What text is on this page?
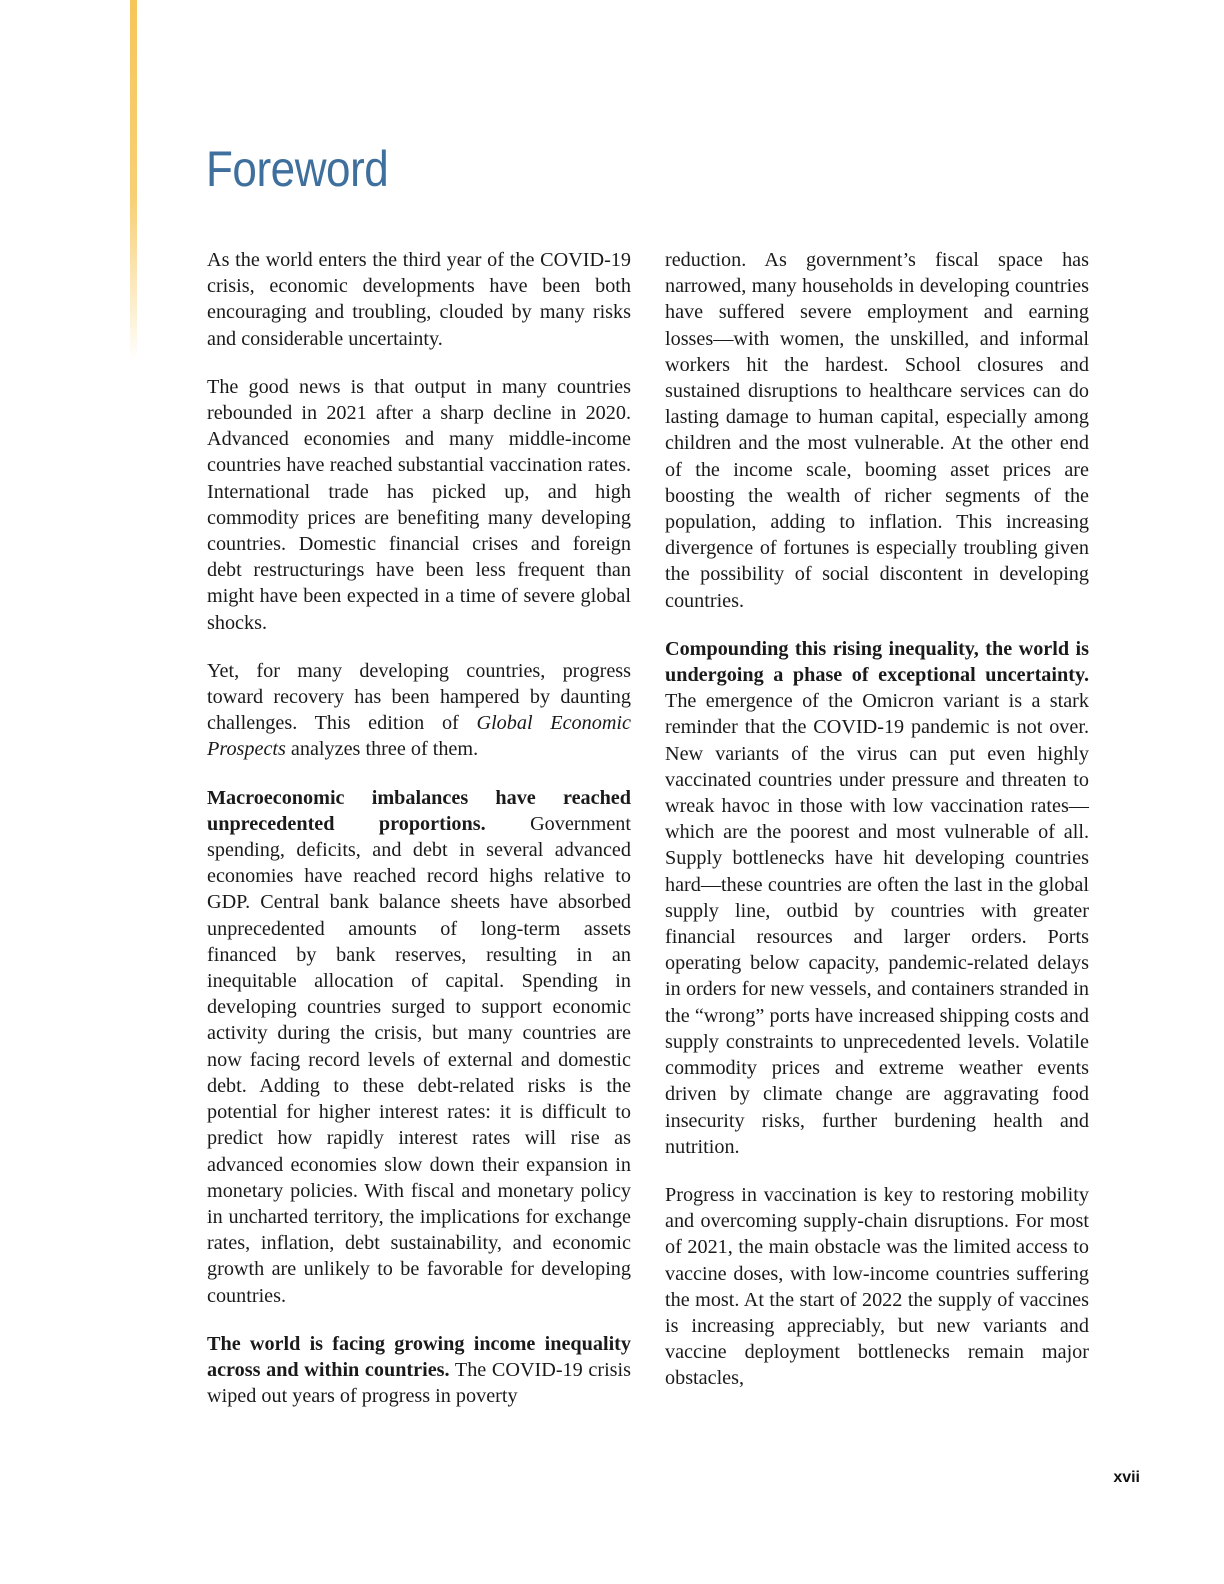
Foreword

As the world enters the third year of the COVID-19 crisis, economic developments have been both encouraging and troubling, clouded by many risks and considerable uncertainty.

The good news is that output in many countries rebounded in 2021 after a sharp decline in 2020. Advanced economies and many middle-income countries have reached substantial vaccination rates. International trade has picked up, and high commodity prices are benefiting many developing countries. Domestic financial crises and foreign debt restructurings have been less frequent than might have been expected in a time of severe global shocks.

Yet, for many developing countries, progress toward recovery has been hampered by daunting challenges. This edition of Global Economic Prospects analyzes three of them.

Macroeconomic imbalances have reached unprecedented proportions. Government spending, deficits, and debt in several advanced economies have reached record highs relative to GDP. Central bank balance sheets have absorbed unprecedented amounts of long-term assets financed by bank reserves, resulting in an inequitable allocation of capital. Spending in developing countries surged to support economic activity during the crisis, but many countries are now facing record levels of external and domestic debt. Adding to these debt-related risks is the potential for higher interest rates: it is difficult to predict how rapidly interest rates will rise as advanced economies slow down their expansion in monetary policies. With fiscal and monetary policy in uncharted territory, the implications for exchange rates, inflation, debt sustainability, and economic growth are unlikely to be favorable for developing countries.

The world is facing growing income inequality across and within countries. The COVID-19 crisis wiped out years of progress in poverty

reduction. As government’s fiscal space has narrowed, many households in developing countries have suffered severe employment and earning losses—with women, the unskilled, and informal workers hit the hardest. School closures and sustained disruptions to healthcare services can do lasting damage to human capital, especially among children and the most vulnerable. At the other end of the income scale, booming asset prices are boosting the wealth of richer segments of the population, adding to inflation. This increasing divergence of fortunes is especially troubling given the possibility of social discontent in developing countries.

Compounding this rising inequality, the world is undergoing a phase of exceptional uncertainty. The emergence of the Omicron variant is a stark reminder that the COVID-19 pandemic is not over. New variants of the virus can put even highly vaccinated countries under pressure and threaten to wreak havoc in those with low vaccination rates—which are the poorest and most vulnerable of all. Supply bottlenecks have hit developing countries hard—these countries are often the last in the global supply line, outbid by countries with greater financial resources and larger orders. Ports operating below capacity, pandemic-related delays in orders for new vessels, and containers stranded in the “wrong” ports have increased shipping costs and supply constraints to unprecedented levels. Volatile commodity prices and extreme weather events driven by climate change are aggravating food insecurity risks, further burdening health and nutrition.

Progress in vaccination is key to restoring mobility and overcoming supply-chain disruptions. For most of 2021, the main obstacle was the limited access to vaccine doses, with low-income countries suffering the most. At the start of 2022 the supply of vaccines is increasing appreciably, but new variants and vaccine deployment bottlenecks remain major obstacles,

xvii
